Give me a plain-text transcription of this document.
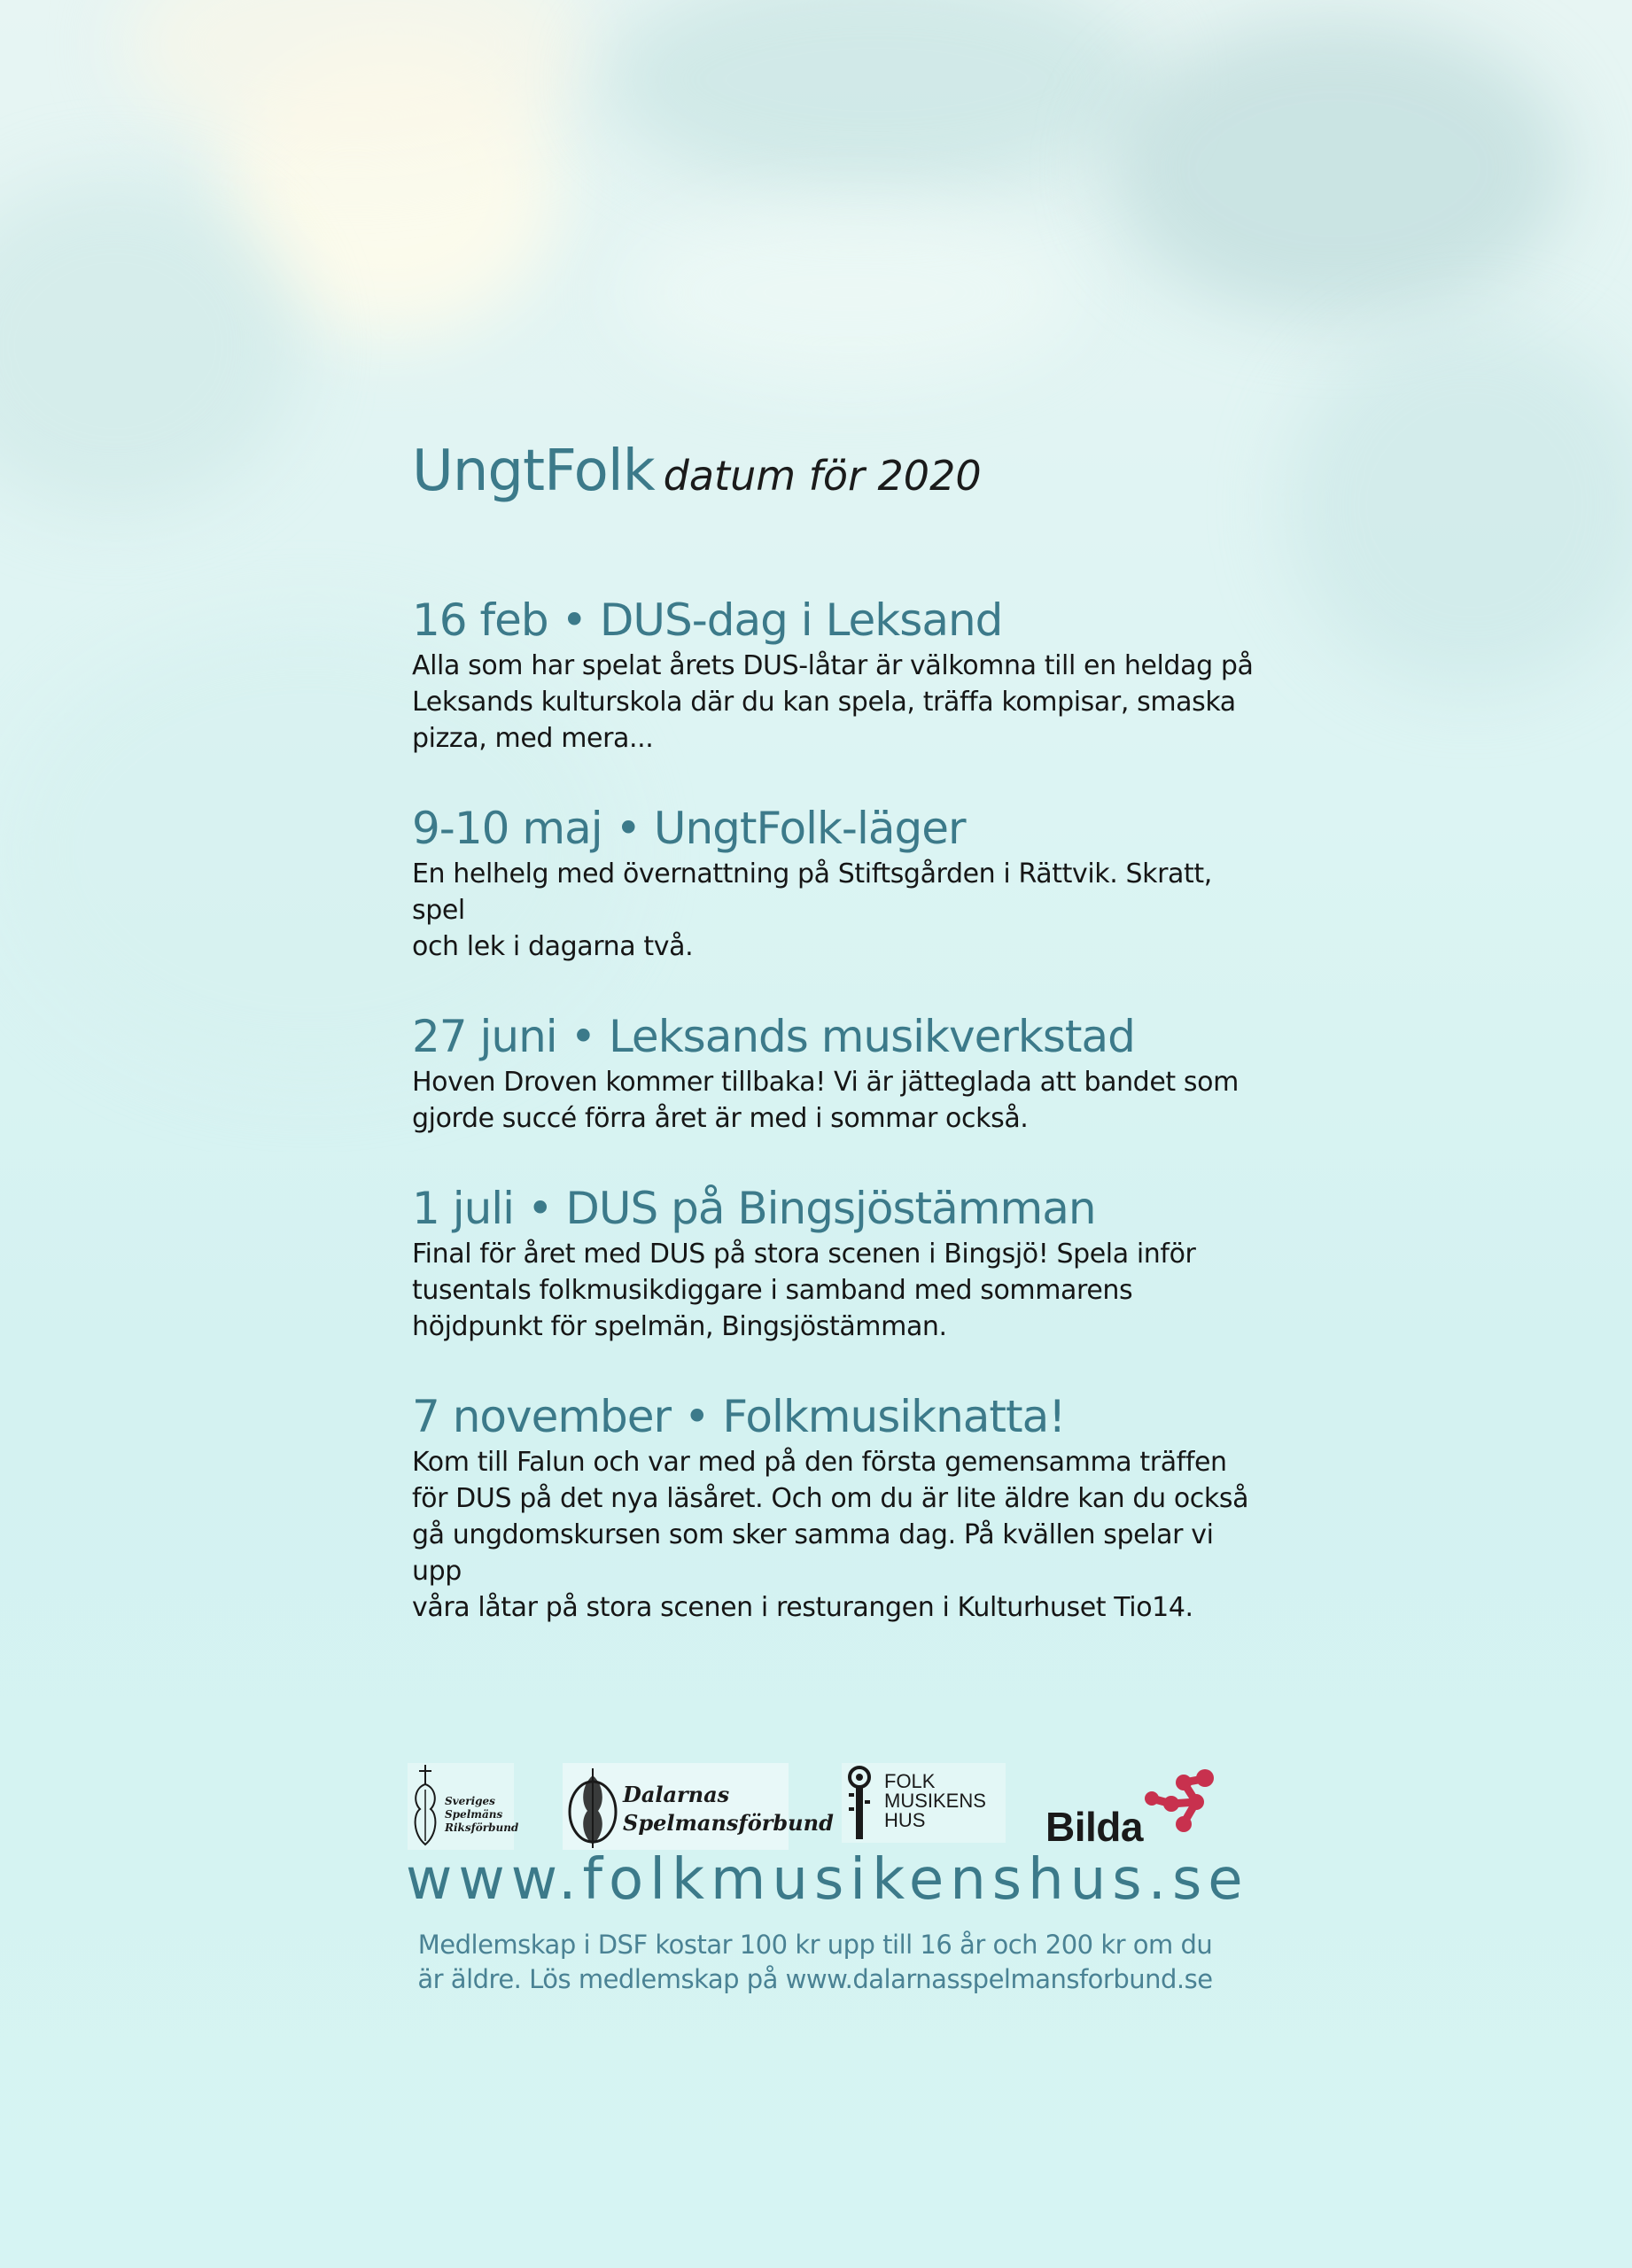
UngtFolk datum för 2020

16 feb • DUS-dag i Leksand

Alla som har spelat årets DUS-låtar är välkomna till en heldag på
Leksands kulturskola där du kan spela, träffa kompisar, smaska
pizza, med mera...

9-10 maj • UngtFolk-läger

En helhelg med övernattning på Stiftsgården i Rättvik. Skratt, spel
och lek i dagarna två.

27 juni • Leksands musikverkstad

Hoven Droven kommer tillbaka! Vi är jätteglada att bandet som
gjorde succé förra året är med i sommar också.

1 juli • DUS på Bingsjöstämman

Final för året med DUS på stora scenen i Bingsjö! Spela inför
tusentals folkmusikdiggare i samband med sommarens
höjdpunkt för spelmän, Bingsjöstämman.

7 november • Folkmusiknatta!

Kom till Falun och var med på den första gemensamma träffen
för DUS på det nya läsåret. Och om du är lite äldre kan du också
gå ungdomskursen som sker samma dag. På kvällen spelar vi upp
våra låtar på stora scenen i resturangen i Kulturhuset Tio14.

Sveriges
Spelmäns
Riksförbund
Dalarnas
Spelmansförbund
FOLK
MUSIKENS
HUS	Bilda
www.folkmusikenshus.se
Medlemskap i DSF kostar 100 kr upp till 16 år och 200 kr om du
är äldre. Lös medlemskap på www.dalarnasspelmansforbund.se
